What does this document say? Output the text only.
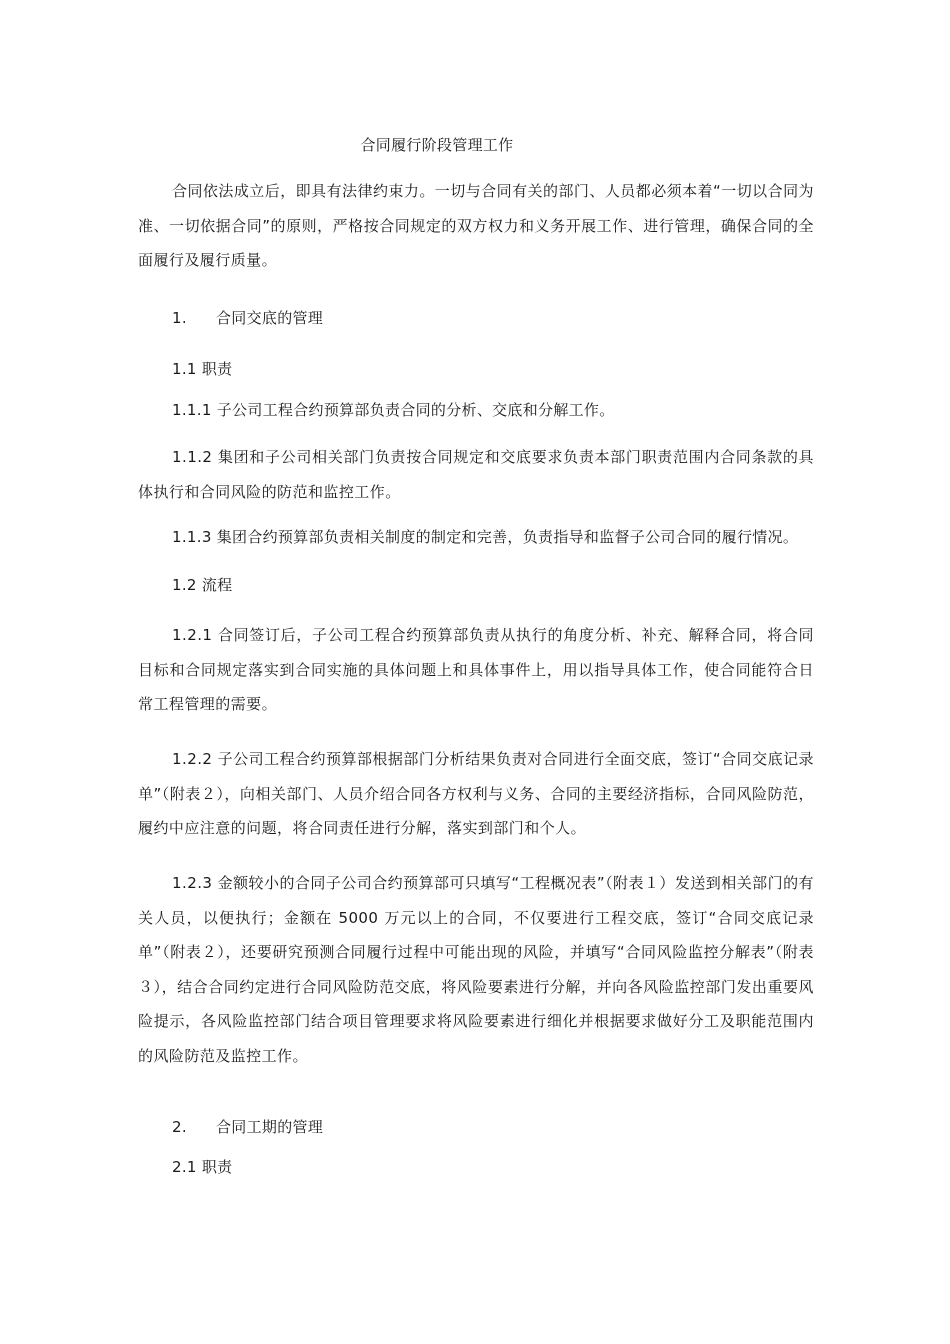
合同履行阶段管理工作

合同依法成立后，即具有法律约束力。一切与合同有关的部门、人员都必须本着“一切以合同为准、一切依据合同”的原则，严格按合同规定的双方权力和义务开展工作、进行管理，确保合同的全面履行及履行质量。

1. 合同交底的管理
1.1 职责
1.1.1 子公司工程合约预算部负责合同的分析、交底和分解工作。

1.1.2 集团和子公司相关部门负责按合同规定和交底要求负责本部门职责范围内合同条款的具体执行和合同风险的防范和监控工作。

1.1.3 集团合约预算部负责相关制度的制定和完善，负责指导和监督子公司合同的履行情况。
1.2 流程

1.2.1 合同签订后，子公司工程合约预算部负责从执行的角度分析、补充、解释合同，将合同目标和合同规定落实到合同实施的具体问题上和具体事件上，用以指导具体工作，使合同能符合日常工程管理的需要。

1.2.2 子公司工程合约预算部根据部门分析结果负责对合同进行全面交底，签订“合同交底记录单”（附表２），向相关部门、人员介绍合同各方权利与义务、合同的主要经济指标，合同风险防范，履约中应注意的问题，将合同责任进行分解，落实到部门和个人。

1.2.3 金额较小的合同子公司合约预算部可只填写“工程概况表”（附表１）发送到相关部门的有关人员，以便执行；金额在 5000 万元以上的合同，不仅要进行工程交底，签订“合同交底记录单”（附表２），还要研究预测合同履行过程中可能出现的风险，并填写“合同风险监控分解表”（附表３），结合合同约定进行合同风险防范交底，将风险要素进行分解，并向各风险监控部门发出重要风险提示，各风险监控部门结合项目管理要求将风险要素进行细化并根据要求做好分工及职能范围内的风险防范及监控工作。

2. 合同工期的管理
2.1 职责
